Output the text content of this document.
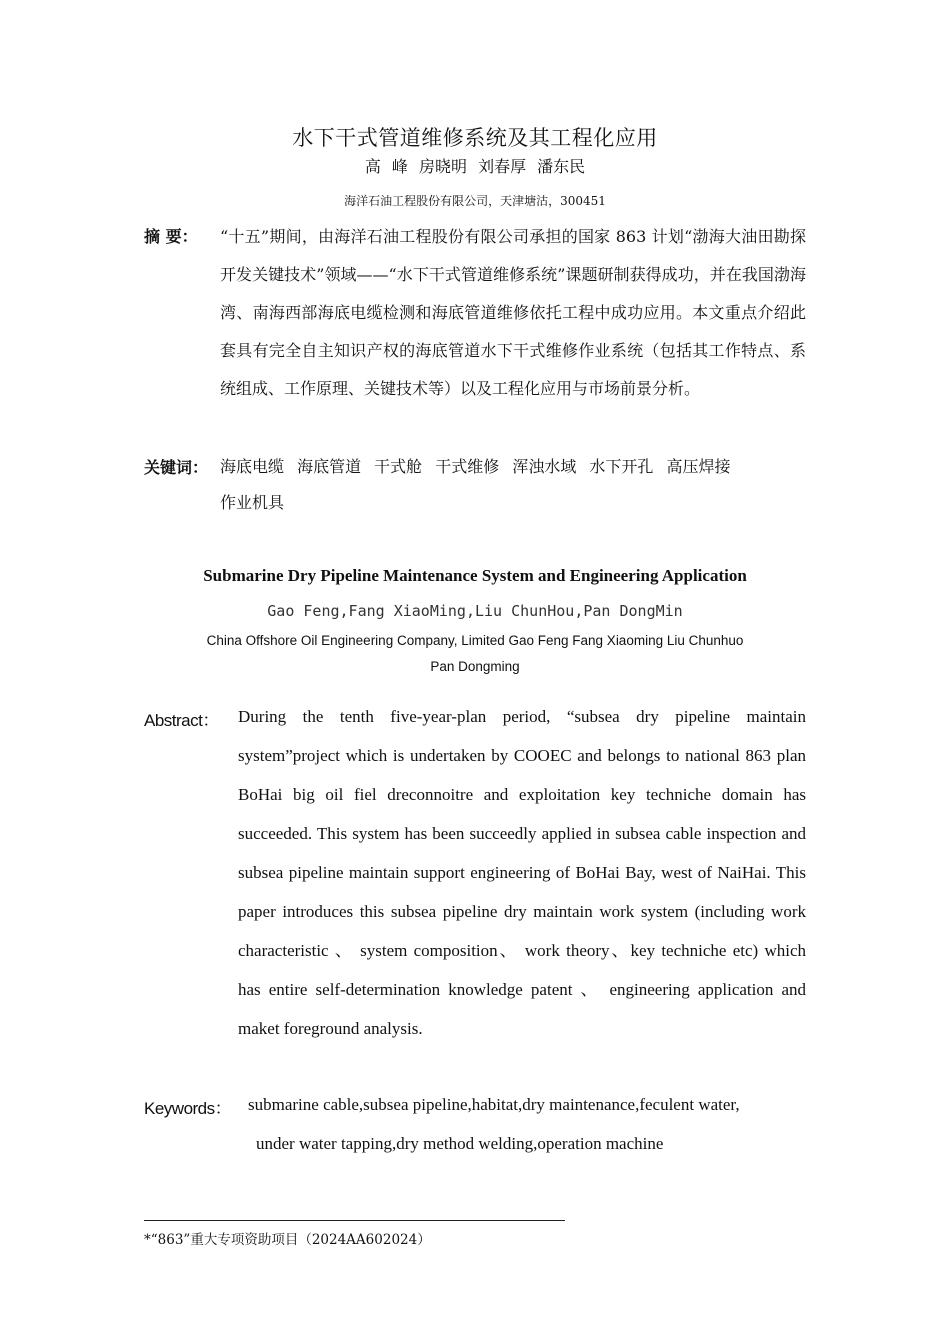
水下干式管道维修系统及其工程化应用
高 峰 房晓明 刘春厚 潘东民
海洋石油工程股份有限公司，天津塘沽，300451
摘 要： “十五”期间，由海洋石油工程股份有限公司承担的国家 863 计划“渤海大油田勘探开发关键技术”领域——“水下干式管道维修系统”课题研制获得成功，并在我国渤海湾、南海西部海底电缆检测和海底管道维修依托工程中成功应用。本文重点介绍此套具有完全自主知识产权的海底管道水下干式维修作业系统（包括其工作特点、系统组成、工作原理、关键技术等）以及工程化应用与市场前景分析。
关键词： 海底电缆 海底管道 干式舱 干式维修 浑浊水域 水下开孔 高压焊接 作业机具
Submarine Dry Pipeline Maintenance System and Engineering Application
Gao Feng,Fang XiaoMing,Liu ChunHou,Pan DongMin
China Offshore Oil Engineering Company, Limited Gao Feng Fang Xiaoming Liu Chunhuo
Pan Dongming
Abstract： During the tenth five-year-plan period, “subsea dry pipeline maintain system”project which is undertaken by COOEC and belongs to national 863 plan BoHai big oil fiel dreconnoitre and exploitation key techniche domain has succeeded. This system has been succeedly applied in subsea cable inspection and subsea pipeline maintain support engineering of BoHai Bay, west of NaiHai. This paper introduces this subsea pipeline dry maintain work system (including work characteristic 、 system composition、 work theory、key techniche etc) which has entire self-determination knowledge patent 、 engineering application and maket foreground analysis.
Keywords： submarine cable,subsea pipeline,habitat,dry maintenance,feculent water,
under water tapping,dry method welding,operation machine
*“863”重大专项资助项目（2024AA602024）
